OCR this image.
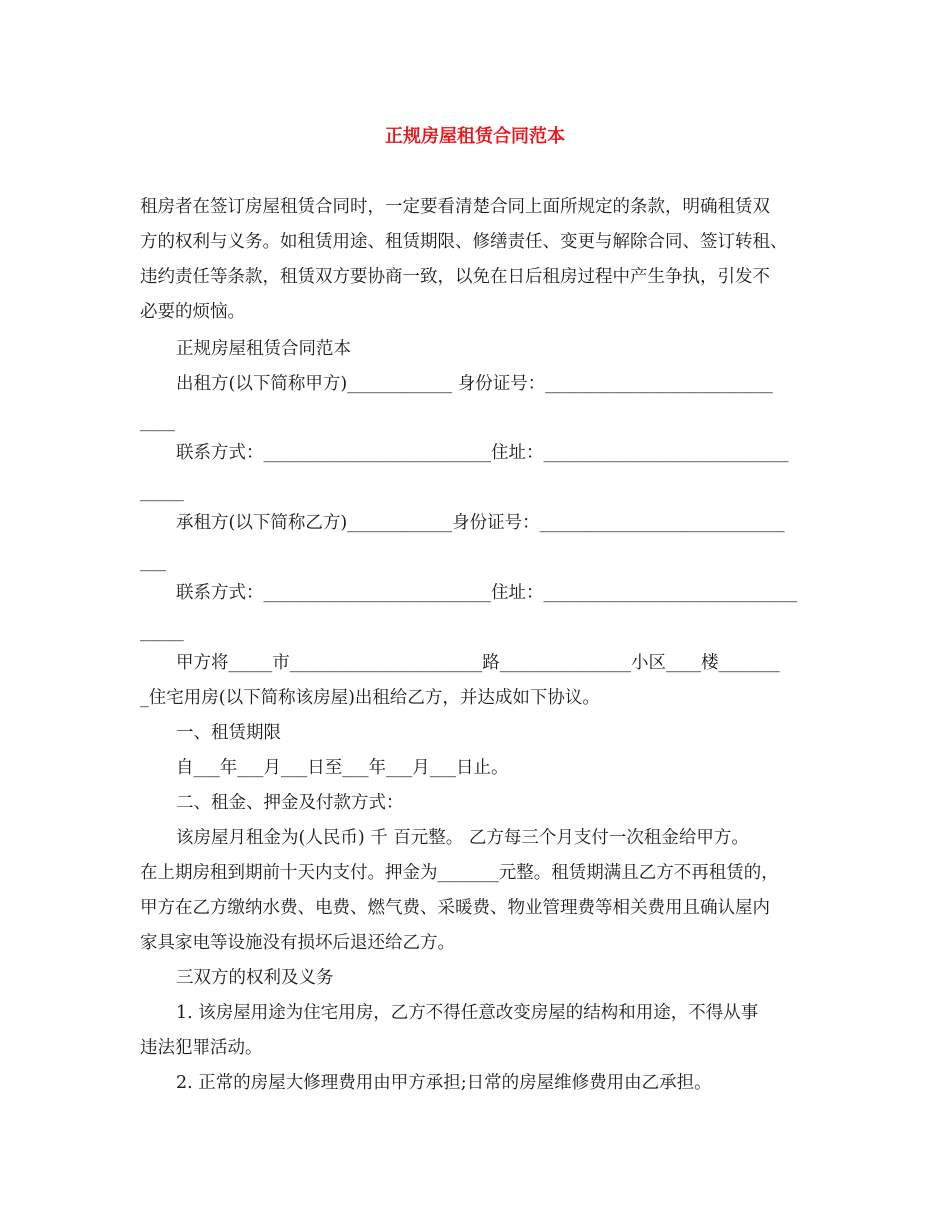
正规房屋租赁合同范本

租房者在签订房屋租赁合同时，一定要看清楚合同上面所规定的条款，明确租赁双

方的权利与义务。如租赁用途、租赁期限、修缮责任、变更与解除合同、签订转租、

违约责任等条款，租赁双方要协商一致，以免在日后租房过程中产生争执，引发不

必要的烦恼。

正规房屋租赁合同范本

出租方(以下简称甲方)____________ 身份证号：__________________________

____

联系方式：__________________________住址：____________________________

_____

承租方(以下简称乙方)____________身份证号：____________________________

___

联系方式：__________________________住址：_____________________________

_____

甲方将_____市______________________路_______________小区____楼_______

_住宅用房(以下简称该房屋)出租给乙方，并达成如下协议。

一、租赁期限

自___年___月___日至___年___月___日止。

二、租金、押金及付款方式：

该房屋月租金为(人民币) 千 百元整。 乙方每三个月支付一次租金给甲方。

在上期房租到期前十天内支付。押金为_______元整。租赁期满且乙方不再租赁的，

甲方在乙方缴纳水费、电费、燃气费、采暖费、物业管理费等相关费用且确认屋内

家具家电等设施没有损坏后退还给乙方。

三双方的权利及义务

1. 该房屋用途为住宅用房，乙方不得任意改变房屋的结构和用途，不得从事

违法犯罪活动。

2. 正常的房屋大修理费用由甲方承担;日常的房屋维修费用由乙承担。
